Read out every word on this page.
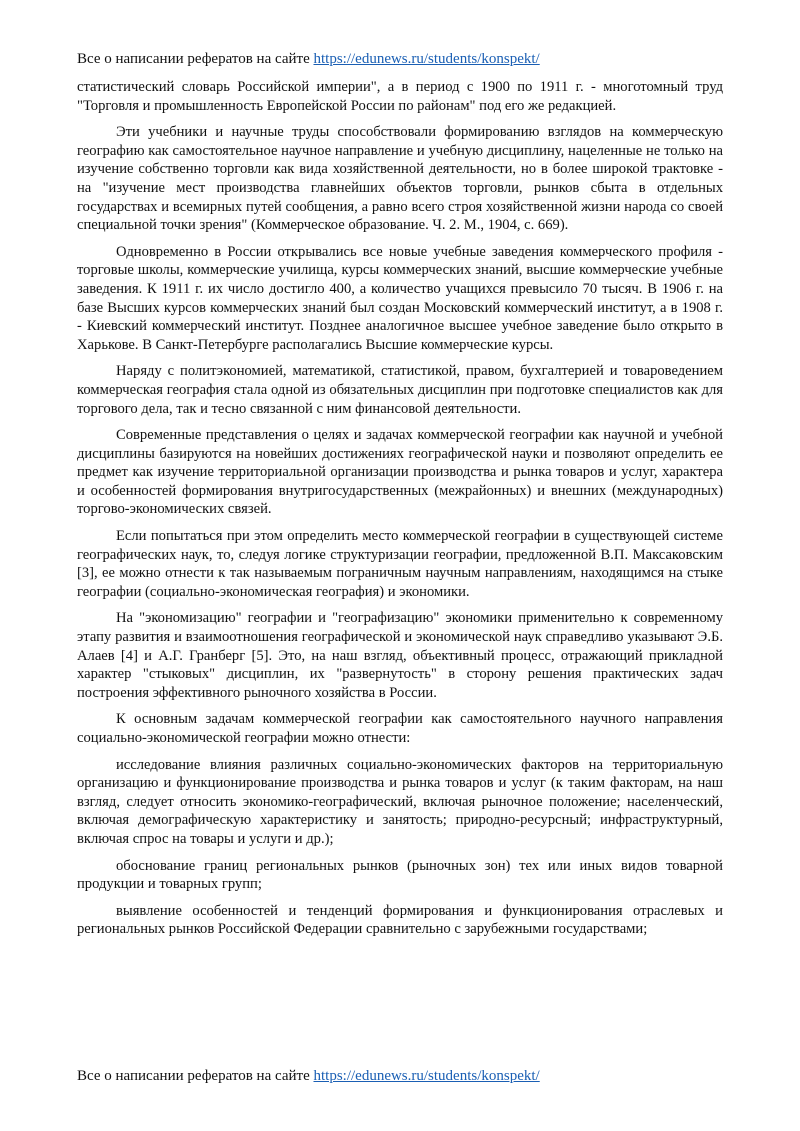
Все о написании рефератов на сайте https://edunews.ru/students/konspekt/

статистический словарь Российской империи", а в период с 1900 по 1911 г. - многотомный труд "Торговля и промышленность Европейской России по районам" под его же редакцией.

Эти учебники и научные труды способствовали формированию взглядов на коммерческую географию как самостоятельное научное направление и учебную дисциплину, нацеленные не только на изучение собственно торговли как вида хозяйственной деятельности, но в более широкой трактовке - на "изучение мест производства главнейших объектов торговли, рынков сбыта в отдельных государствах и всемирных путей сообщения, а равно всего строя хозяйственной жизни народа со своей специальной точки зрения" (Коммерческое образование. Ч. 2. М., 1904, с. 669).

Одновременно в России открывались все новые учебные заведения коммерческого профиля - торговые школы, коммерческие училища, курсы коммерческих знаний, высшие коммерческие учебные заведения. К 1911 г. их число достигло 400, а количество учащихся превысило 70 тысяч. В 1906 г. на базе Высших курсов коммерческих знаний был создан Московский коммерческий институт, а в 1908 г. - Киевский коммерческий институт. Позднее аналогичное высшее учебное заведение было открыто в Харькове. В Санкт-Петербурге располагались Высшие коммерческие курсы.

Наряду с политэкономией, математикой, статистикой, правом, бухгалтерией и товароведением коммерческая география стала одной из обязательных дисциплин при подготовке специалистов как для торгового дела, так и тесно связанной с ним финансовой деятельности.

Современные представления о целях и задачах коммерческой географии как научной и учебной дисциплины базируются на новейших достижениях географической науки и позволяют определить ее предмет как изучение территориальной организации производства и рынка товаров и услуг, характера и особенностей формирования внутригосударственных (межрайонных) и внешних (международных) торгово-экономических связей.

Если попытаться при этом определить место коммерческой географии в существующей системе географических наук, то, следуя логике структуризации географии, предложенной В.П. Максаковским [3], ее можно отнести к так называемым пограничным научным направлениям, находящимся на стыке географии (социально-экономическая география) и экономики.

На "экономизацию" географии и "географизацию" экономики применительно к современному этапу развития и взаимоотношения географической и экономической наук справедливо указывают Э.Б. Алаев [4] и А.Г. Гранберг [5]. Это, на наш взгляд, объективный процесс, отражающий прикладной характер "стыковых" дисциплин, их "развернутость" в сторону решения практических задач построения эффективного рыночного хозяйства в России.

К основным задачам коммерческой географии как самостоятельного научного направления социально-экономической географии можно отнести:

исследование влияния различных социально-экономических факторов на территориальную организацию и функционирование производства и рынка товаров и услуг (к таким факторам, на наш взгляд, следует относить экономико-географический, включая рыночное положение; населенческий, включая демографическую характеристику и занятость; природно-ресурсный; инфраструктурный, включая спрос на товары и услуги и др.);

обоснование границ региональных рынков (рыночных зон) тех или иных видов товарной продукции и товарных групп;

выявление особенностей и тенденций формирования и функционирования отраслевых и региональных рынков Российской Федерации сравнительно с зарубежными государствами;

Все о написании рефератов на сайте https://edunews.ru/students/konspekt/
